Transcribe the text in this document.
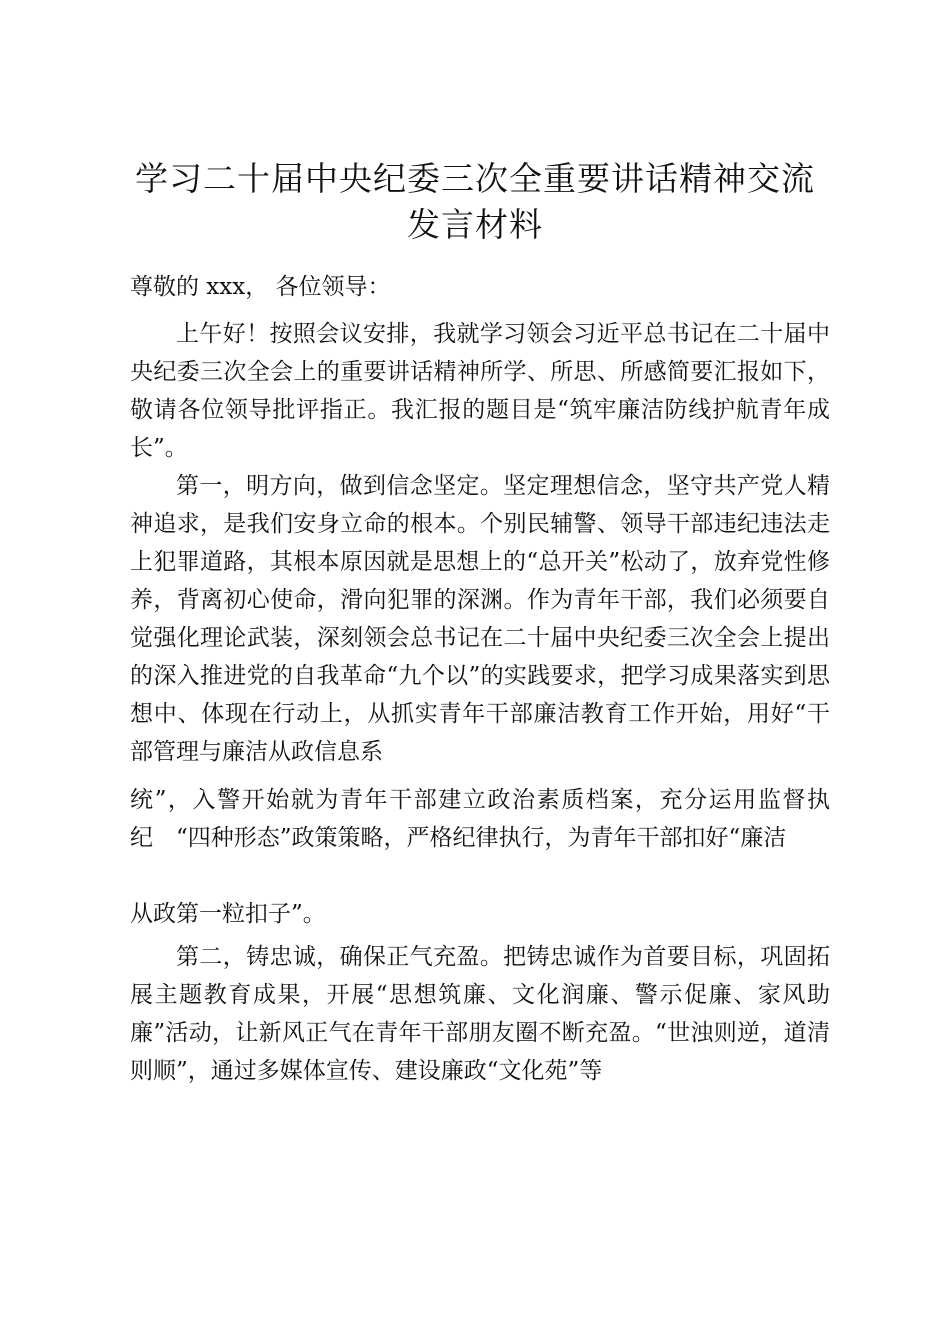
学习二十届中央纪委三次全重要讲话精神交流
发言材料
尊敬的 xxx， 各位领导：
上午好！按照会议安排，我就学习领会习近平总书记在二十届中央纪委三次全会上的重要讲话精神所学、所思、所感简要汇报如下，敬请各位领导批评指正。我汇报的题目是“筑牢廉洁防线护航青年成长”。
第一，明方向，做到信念坚定。坚定理想信念，坚守共产党人精神追求，是我们安身立命的根本。个别民辅警、领导干部违纪违法走上犯罪道路，其根本原因就是思想上的“总开关”松动了，放弃党性修养，背离初心使命，滑向犯罪的深渊。作为青年干部，我们必须要自觉强化理论武装，深刻领会总书记在二十届中央纪委三次全会上提出的深入推进党的自我革命“九个以”的实践要求，把学习成果落实到思想中、体现在行动上，从抓实青年干部廉洁教育工作开始，用好“干部管理与廉洁从政信息系
统”，入警开始就为青年干部建立政治素质档案，充分运用监督执纪　“四种形态”政策策略，严格纪律执行，为青年干部扣好“廉洁
从政第一粒扣子”。
第二，铸忠诚，确保正气充盈。把铸忠诚作为首要目标，巩固拓展主题教育成果，开展“思想筑廉、文化润廉、警示促廉、家风助廉”活动，让新风正气在青年干部朋友圈不断充盈。“世浊则逆，道清则顺”，通过多媒体宣传、建设廉政“文化苑”等
